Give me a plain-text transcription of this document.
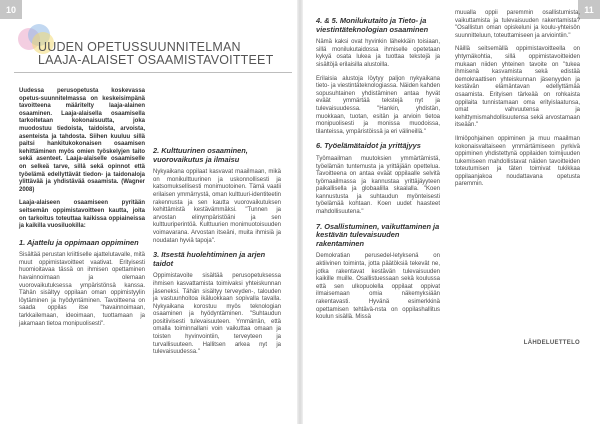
10	11
UUDEN OPETUSSUUNNITELMAN
LAAJA-ALAISET OSAAMISTAVOITTEET

Uudessa perusopetusta koskevassa opetus-suunnitelmassa on keskeisimpänä tavoitteena määritelty laaja-alainen osaaminen. Laaja-alaisella osaamisella tarkoitetaan kokonaisuutta, joka muodostuu tiedoista, taidoista, arvoista, asenteista ja tahdosta. Siihen kuuluu sillä paitsi hankitukokonaisen osaamisen kehittäminen myös omien työskelyjen taito sekä asenteet. Laaja-alaiselle osaamiselle on selkeä tarve, sillä sekä opinnot että työelämä edellyttävät tiedon- ja taidonaloja ylittävää ja yhdistävää osaamista. (Wagner 2008)

Laaja-alaiseen osaamiseen pyritään seitsemän oppimistavoitteen kautta, joita on tarkoitus toteuttaa kaikissa oppiaineissa ja kaikilla vuosiluokilla:

1. Ajattelu ja oppimaan oppiminen

Sisältää perustan kriittiselle ajattelutavalle, mitä muut oppimistavoitteet vaativat. Erityisesti huomioitavaa tässä on ihmisen opettaminen havainnoimaan ja olemaan vuorovaikutuksessa ympäristönsä kanssa. Tähän sisältyy oppilaan oman oppimistyylin löytäminen ja hyödyntäminen. Tavoitteena on saada oppilas itse "havainnoimaan, tarkkailemaan, ideoimaan, tuottamaan ja jakamaan tietoa monipuolisesti".

2. Kulttuurinen osaaminen, vuorovaikutus ja ilmaisu

Nykyaikana oppilaat kasvavat maailmaan, mikä on monikulttuurinen ja uskonnollisesti ja katsomuksellisesti monimuotoinen. Tämä vaatii erilaisen ymmärrystä, oman kulttuuri-identiteetin rakennusta ja sen kautta vuorovaikutuksen kehittämistä kestävämmäksi. "Tunnen ja arvostan elinympäristöäni ja sen kulttuuriperintöä. Kulttuurien monimuotoisuuden voimavarana. Arvostan itseäni, muita ihmisiä ja noudatan hyviä tapoja".

3. Itsestä huolehtiminen ja arjen taidot

Oppimistavoite sisältää perusopetuksessa ihmisen kasvattamista toimivaksi yhteiskunnan jäseneksi. Tähän sisältyy terveyden-, talouden ja vastuunhoitoa ikäluokkaan sopivalla tavalla. Nykyaikana korostuu myös teknologian osaaminen ja hyödyntäminen. "Suhtaudun positiivisesti tulevaisuuteen. Ymmärrän, että omalla toiminnallani voin vaikuttaa omaan ja toisten hyvinvointiin, terveyteen ja turvallisuuteen. Hallitsen arkea nyt ja tulevaisuudessa."

4. & 5. Monilukutaito ja Tieto- ja viestintäteknologian osaaminen

Nämä kaksi ovat hyvinkin lähekkäin toisiaan, sillä monilukutaidossa ihmiselle opetetaan kykyä osata lukea ja tuottaa tekstejä ja sisältöjä erilaisilla alustoilla.

Erilaisia alustoja löytyy paljon nykyaikana tieto- ja viestintäteknologiassa. Näiden kahden sopusuhtainen yhdistäminen antaa hyvät eväät ymmärtää tekstejä nyt ja tulevaisuudessa. "Hankin, yhdistän, muokkaan, tuotan, esitän ja arvioin tietoa monipuolisesti ja monissa muodoissa, tilanteissa, ympäristöissä ja eri välineillä."

6. Työelämätaidot ja yrittäjyys

Työmaailman muutoksien ymmärtämistä, työelämän tuntemusta ja yrittäjään opettelua. Tavoitteena on antaa eväät oppilaalle selvitä työmaailmassa ja kannustaa yrittäjäyyteen paikallisella ja globaalilla skaalalla. "Koen kannustusta ja suhtaudun myönteisesti työelämää kohtaan. Koen uudet haasteet mahdollisuutena."

7. Osallistuminen, vaikuttaminen ja kestävän tulevaisuuden rakentaminen

Demokratian perusedel-letyksenä on aktiivinen toiminta, jotta päätöksiä tekevät ne, jotka rakentavat kestävän tulevaisuuden kaikille muille. Osallistuessaan sekä koulussa että sen ulkopuolella oppilaat oppivat ilmaisemaan omia näkemyksiään rakentavasti. Hyvänä esimerkkinä opettamisen tehtävä-nsta on oppilashallitus koulun sisällä. Missä

muualla oppii paremmin osallistumista, vaikuttamista ja tulevaisuuden rakentamista? "Osallistun oman opiskeluni ja koulu-yhteisön suunnitteluun, toteuttamiseen ja arviointiin."

Näillä seitsemällä oppimistavoitteella on yhtymäkohtia, sillä oppimistavoitteiden mukaan niiden yhteinen tavoite on "tukea ihmisenä kasvamista sekä edistää demokraattisen yhteiskunnan jäsenyyden ja kestävän elämäntavan edellyttämää osaamista. Erityisen tärkeää on rohkaista oppilaita tunnistamaan oma erityislaatunsa, omat vahvuutensa ja kehittymismahdollisuutensa sekä arvostamaan itseään."

Ilmiöpohjainen oppiminen ja muu maailman kokonaisvaltaiseen ymmärtämiseen pyrkivä oppiminen yhdistettynä oppilaiden toimijuuden tukemiseen mahdollistavat näiden tavoitteiden toteutumisen ja täten toimivat tukikkaa oppilaanjakoa noudattavana opetusta paremmin.

LÄHDELUETTELO
